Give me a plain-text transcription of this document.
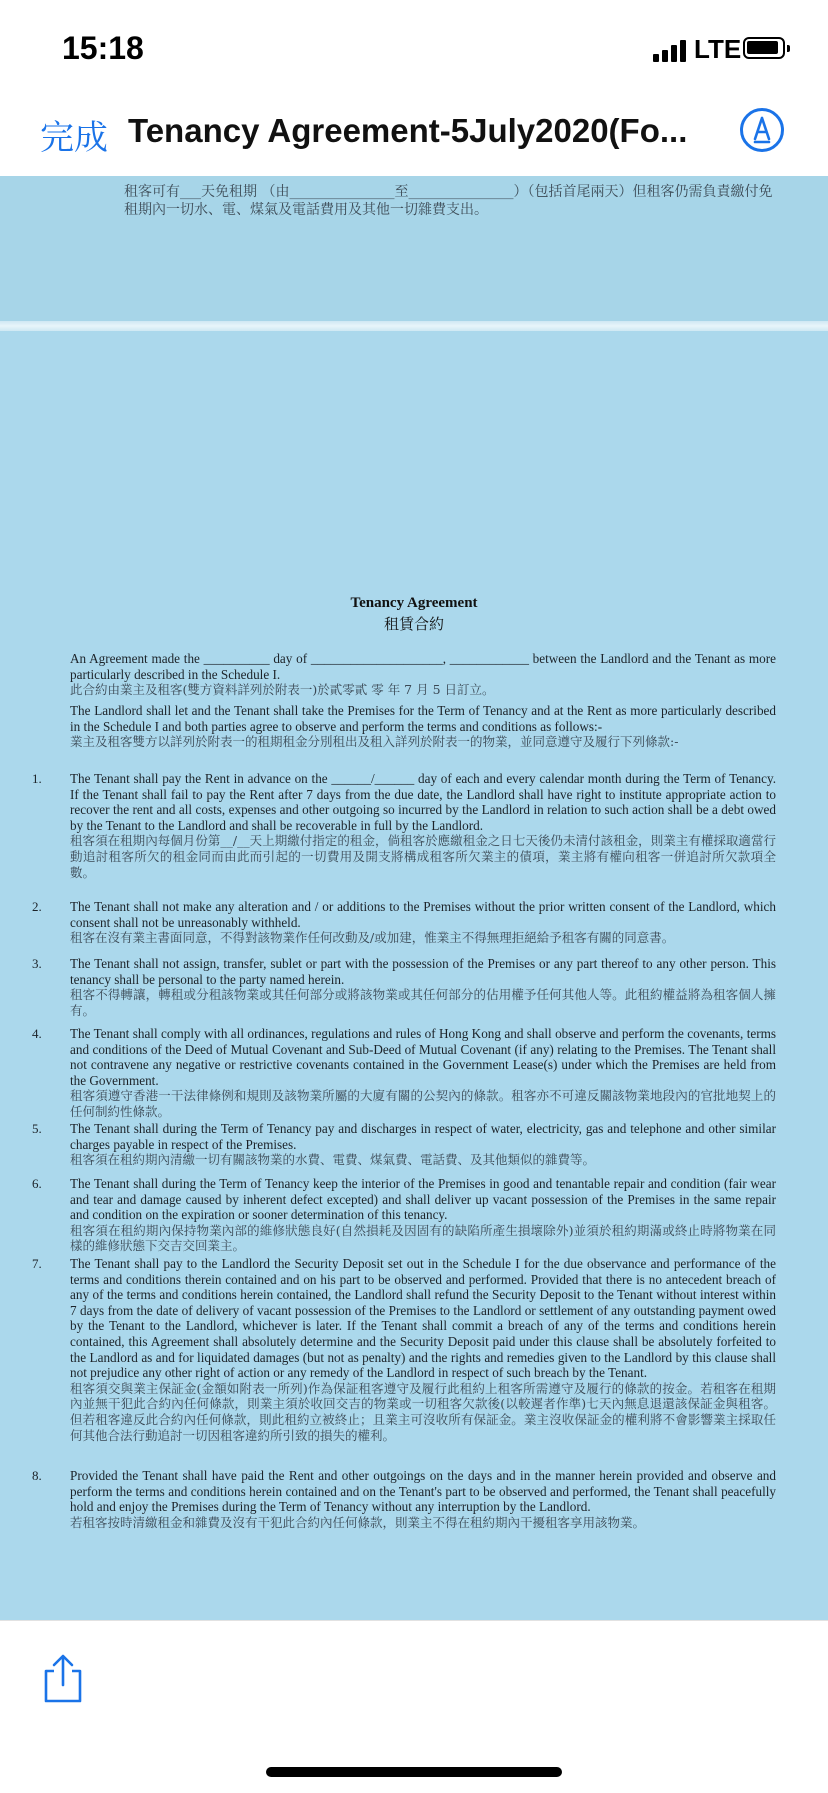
15:18	LTE
完成 Tenancy Agreement-5July2020(Fo...
租客可有___天免租期 （由_______________至_______________）（包括首尾兩天）但租客仍需負責繳付免
租期內一切水、電、煤氣及電話費用及其他一切雜費支出。
Tenancy Agreement
租賃合約
An Agreement made the __________ day of ____________________, ____________ between the Landlord and the Tenant as more particularly described in the Schedule I.
此合約由業主及租客(雙方資料詳列於附表一)於貳零貳 零 年 7 月 5 日訂立。
The Landlord shall let and the Tenant shall take the Premises for the Term of Tenancy and at the Rent as more particularly described in the Schedule I and both parties agree to observe and perform the terms and conditions as follows:-
業主及租客雙方以詳列於附表一的租期租金分別租出及租入詳列於附表一的物業，並同意遵守及履行下列條款:-
1. The Tenant shall pay the Rent in advance on the ______/______ day of each and every calendar month during the Term of Tenancy. If the Tenant shall fail to pay the Rent after 7 days from the due date, the Landlord shall have right to institute appropriate action to recover the rent and all costs, expenses and other outgoing so incurred by the Landlord in relation to such action shall be a debt owed by the Tenant to the Landlord and shall be recoverable in full by the Landlord.
租客須在租期內每個月份第__/__天上期繳付指定的租金，倘租客於應繳租金之日七天後仍未清付該租金，則業主有權採取適當行動追討租客所欠的租金同而由此而引起的一切費用及開支將構成租客所欠業主的債項，業主將有權向租客一併追討所欠款項全數。
2. The Tenant shall not make any alteration and / or additions to the Premises without the prior written consent of the Landlord, which consent shall not be unreasonably withheld.
租客在沒有業主書面同意，不得對該物業作任何改動及/或加建，惟業主不得無理拒絕給予租客有關的同意書。
3. The Tenant shall not assign, transfer, sublet or part with the possession of the Premises or any part thereof to any other person. This tenancy shall be personal to the party named herein.
租客不得轉讓，轉租或分租該物業或其任何部分或將該物業或其任何部分的佔用權予任何其他人等。此租約權益將為租客個人擁有。
4. The Tenant shall comply with all ordinances, regulations and rules of Hong Kong and shall observe and perform the covenants, terms and conditions of the Deed of Mutual Covenant and Sub-Deed of Mutual Covenant (if any) relating to the Premises. The Tenant shall not contravene any negative or restrictive covenants contained in the Government Lease(s) under which the Premises are held from the Government.
租客須遵守香港一干法律條例和規則及該物業所屬的大廈有關的公契內的條款。租客亦不可違反關該物業地段內的官批地契上的任何制約性條款。
5. The Tenant shall during the Term of Tenancy pay and discharges in respect of water, electricity, gas and telephone and other similar charges payable in respect of the Premises.
租客須在租約期內清繳一切有關該物業的水費、電費、煤氣費、電話費、及其他類似的雜費等。
6. The Tenant shall during the Term of Tenancy keep the interior of the Premises in good and tenantable repair and condition (fair wear and tear and damage caused by inherent defect excepted) and shall deliver up vacant possession of the Premises in the same repair and condition on the expiration or sooner determination of this tenancy.
租客須在租約期內保持物業內部的維修狀態良好(自然損耗及因固有的缺陷所產生損壞除外)並須於租約期滿或終止時將物業在同樣的維修狀態下交吉交回業主。
7. The Tenant shall pay to the Landlord the Security Deposit set out in the Schedule I for the due observance and performance of the terms and conditions therein contained and on his part to be observed and performed. Provided that there is no antecedent breach of any of the terms and conditions herein contained, the Landlord shall refund the Security Deposit to the Tenant without interest within 7 days from the date of delivery of vacant possession of the Premises to the Landlord or settlement of any outstanding payment owed by the Tenant to the Landlord, whichever is later. If the Tenant shall commit a breach of any of the terms and conditions herein contained, this Agreement shall absolutely determine and the Security Deposit paid under this clause shall be absolutely forfeited to the Landlord as and for liquidated damages (but not as penalty) and the rights and remedies given to the Landlord by this clause shall not prejudice any other right of action or any remedy of the Landlord in respect of such breach by the Tenant.
租客須交與業主保証金(金額如附表一所列)作為保証租客遵守及履行此租約上租客所需遵守及履行的條款的按金。若租客在租期內並無干犯此合約內任何條款，則業主須於收回交吉的物業或一切租客欠款後(以較遲者作準)七天內無息退還該保証金與租客。但若租客違反此合約內任何條款，則此租約立被終止；且業主可沒收所有保証金。業主沒收保証金的權利將不會影響業主採取任何其他合法行動追討一切因租客違約所引致的損失的權利。
8. Provided the Tenant shall have paid the Rent and other outgoings on the days and in the manner herein provided and observe and perform the terms and conditions herein contained and on the Tenant's part to be observed and performed, the Tenant shall peacefully hold and enjoy the Premises during the Term of Tenancy without any interruption by the Landlord.
若租客按時清繳租金和雜費及沒有干犯此合約內任何條款，則業主不得在租約期內干擾租客享用該物業。
